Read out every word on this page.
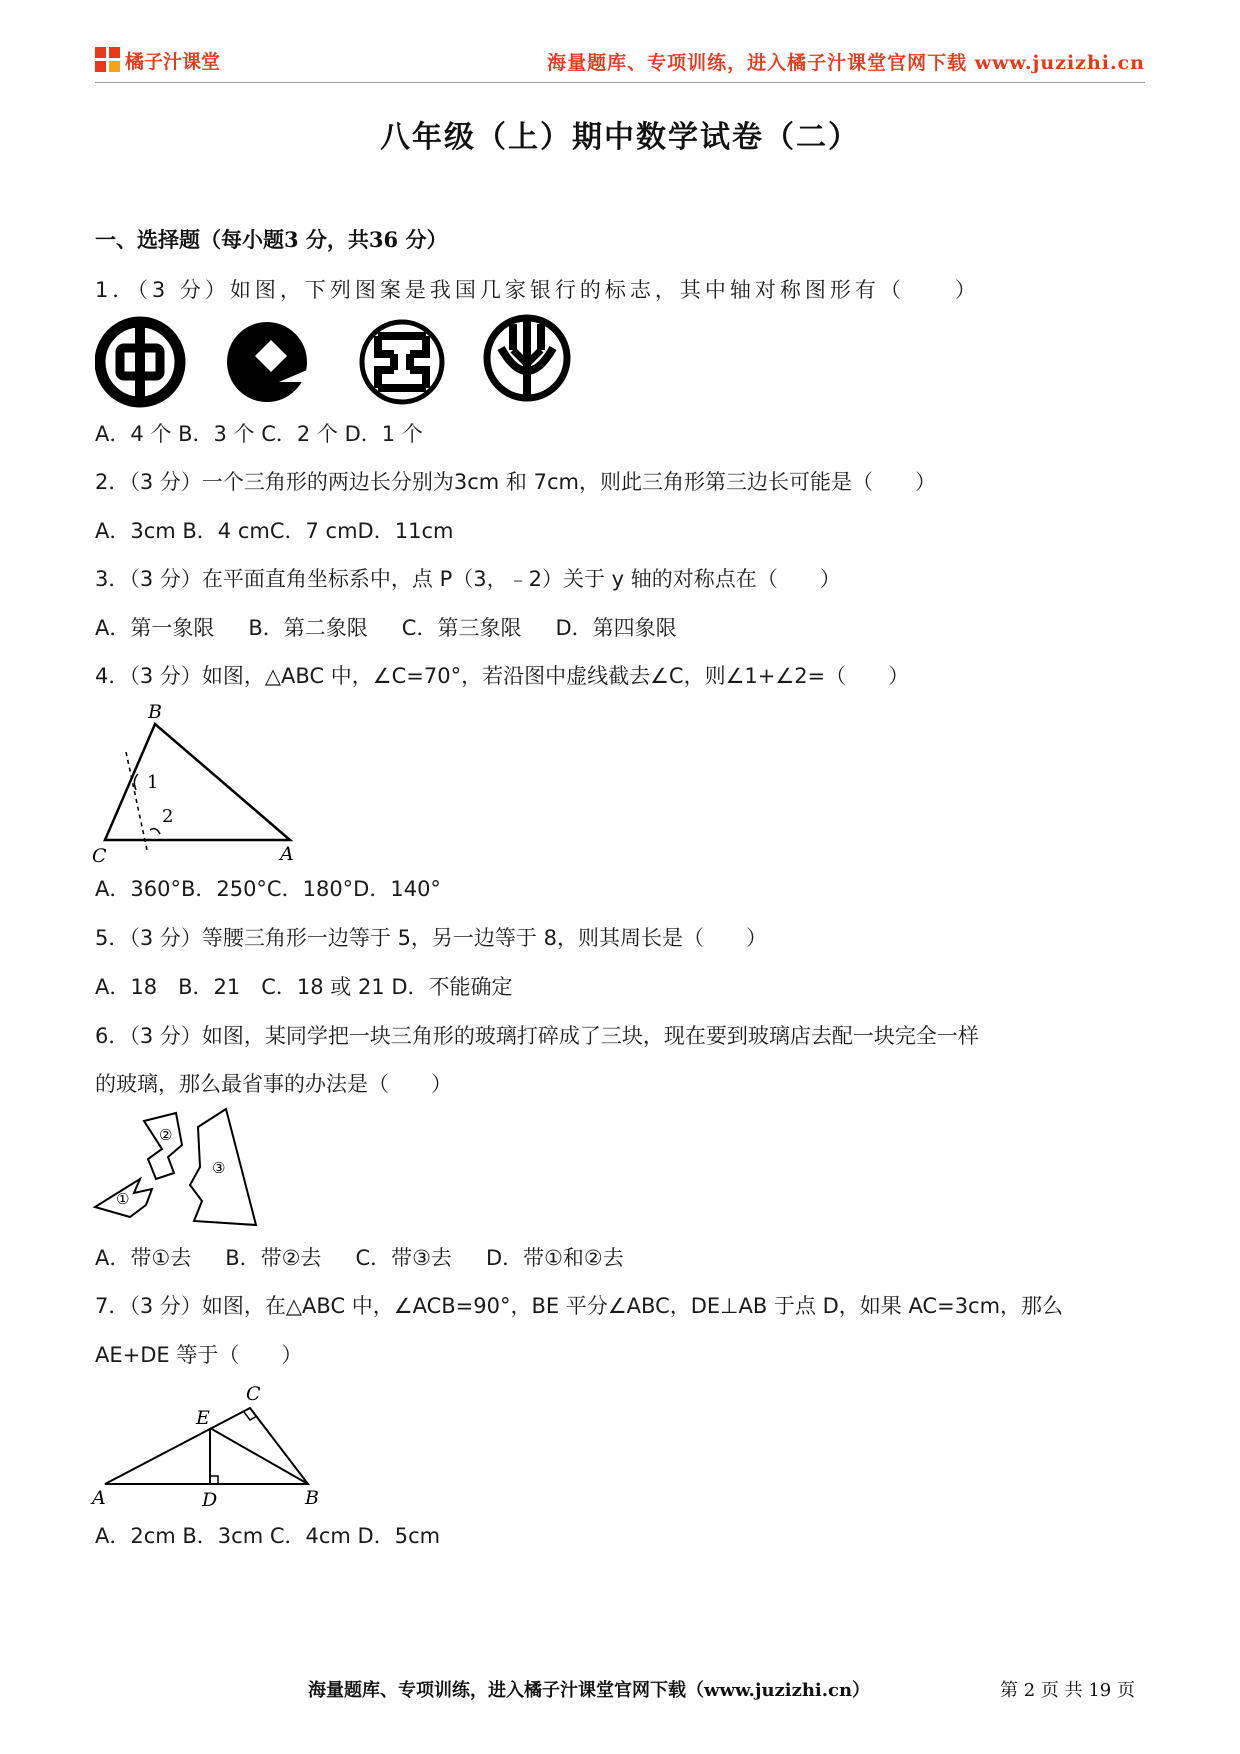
橘子汁课堂	海量题库、专项训练，进入橘子汁课堂官网下载 www.juzizhi.cn
八年级（上）期中数学试卷（二）
一、选择题（每小题3 分，共36 分）
1．（3 分）如图，下列图案是我国几家银行的标志，其中轴对称图形有（　　）
A．4 个 B．3 个 C．2 个 D．1 个
2．（3 分）一个三角形的两边长分别为3cm 和 7cm，则此三角形第三边长可能是（　　）
A．3cm B．4 cmC．7 cmD．11cm
3．（3 分）在平面直角坐标系中，点 P（3，﹣2）关于 y 轴的对称点在（　　）
A．第一象限 B．第二象限 C．第三象限 D．第四象限
4．（3 分）如图，△ABC 中，∠C=70°，若沿图中虚线截去∠C，则∠1+∠2=（　　）
B
C	A
1
2
A．360°B．250°C．180°D．140°
5．（3 分）等腰三角形一边等于 5，另一边等于 8，则其周长是（　　）
A．18　B．21　C．18 或 21 D．不能确定
6．（3 分）如图，某同学把一块三角形的玻璃打碎成了三块，现在要到玻璃店去配一块完全一样
的玻璃，那么最省事的办法是（　　）
①
②
③
A．带①去 B．带②去 C．带③去 D．带①和②去
7．（3 分）如图，在△ABC 中，∠ACB=90°，BE 平分∠ABC，DE⊥AB 于点 D，如果 AC=3cm，那么
AE+DE 等于（　　）
A	B
C
D
E
A．2cm B．3cm C．4cm D．5cm
海量题库、专项训练，进入橘子汁课堂官网下载（www.juzizhi.cn）	第 2 页 共 19 页
